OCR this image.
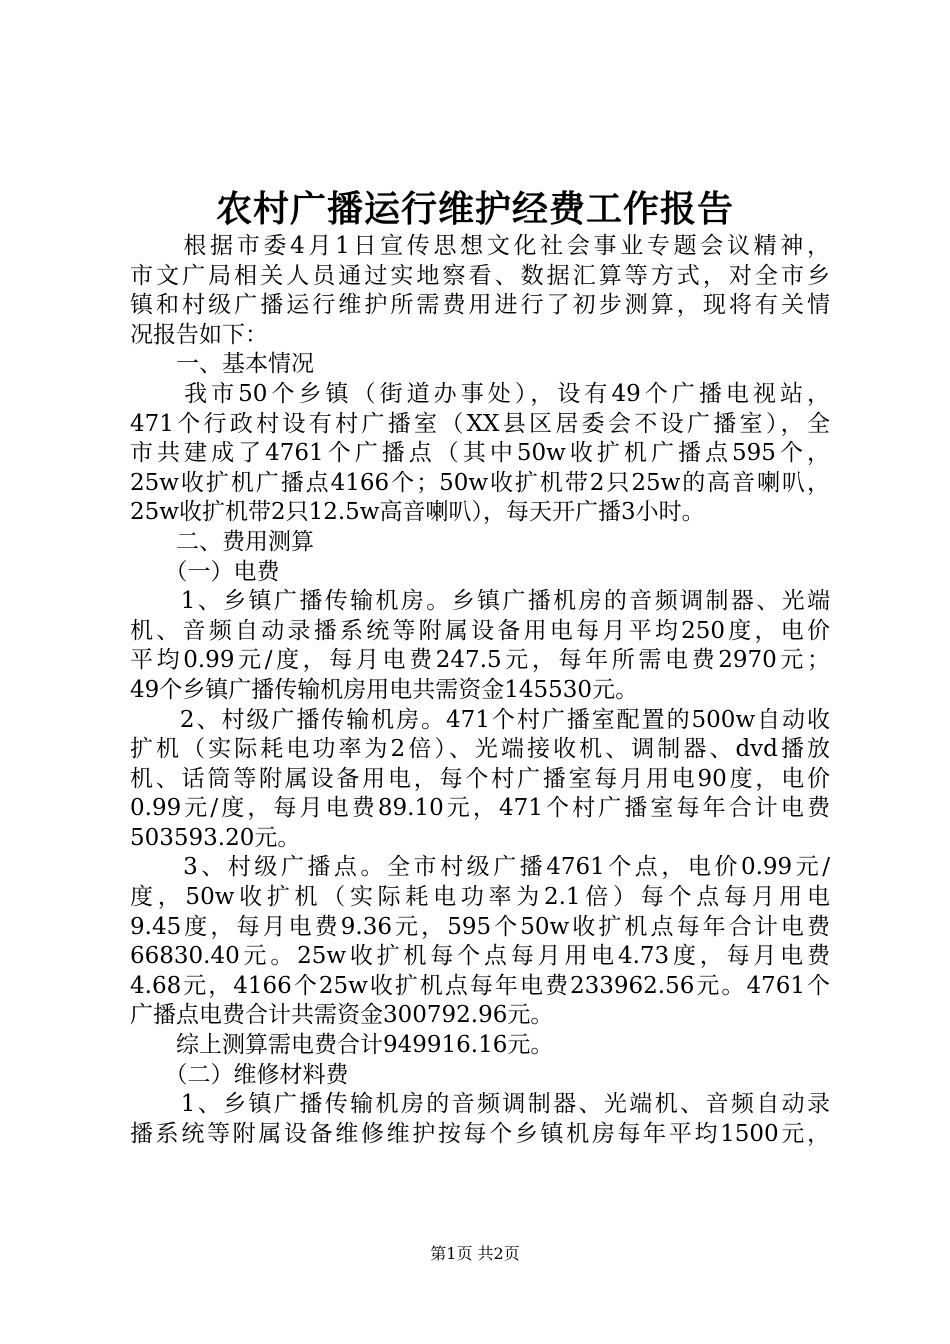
农村广播运行维护经费工作报告
　　根据市委4月1日宣传思想文化社会事业专题会议精神，
市文广局相关人员通过实地察看、数据汇算等方式，对全市乡
镇和村级广播运行维护所需费用进行了初步测算，现将有关情
况报告如下：
　　一、基本情况
　　我市50个乡镇（街道办事处），设有49个广播电视站，
471个行政村设有村广播室（XX县区居委会不设广播室），全
市共建成了4761个广播点（其中50w收扩机广播点595个，
25w收扩机广播点4166个；50w收扩机带2只25w的高音喇叭，
25w收扩机带2只12.5w高音喇叭），每天开广播3小时。
　　二、费用测算
　　（一）电费
　　1、乡镇广播传输机房。乡镇广播机房的音频调制器、光端
机、音频自动录播系统等附属设备用电每月平均250度，电价
平均0.99元/度，每月电费247.5元，每年所需电费2970元；
49个乡镇广播传输机房用电共需资金145530元。
　　2、村级广播传输机房。471个村广播室配置的500w自动收
扩机（实际耗电功率为2倍）、光端接收机、调制器、dvd播放
机、话筒等附属设备用电，每个村广播室每月用电90度，电价
0.99元/度，每月电费89.10元，471个村广播室每年合计电费
503593.20元。
　　3、村级广播点。全市村级广播4761个点，电价0.99元/
度，50w收扩机（实际耗电功率为2.1倍）每个点每月用电
9.45度，每月电费9.36元，595个50w收扩机点每年合计电费
66830.40元。25w收扩机每个点每月用电4.73度，每月电费
4.68元，4166个25w收扩机点每年电费233962.56元。4761个
广播点电费合计共需资金300792.96元。
　　综上测算需电费合计949916.16元。
　　（二）维修材料费
　　1、乡镇广播传输机房的音频调制器、光端机、音频自动录
播系统等附属设备维修维护按每个乡镇机房每年平均1500元，
第1页 共2页
